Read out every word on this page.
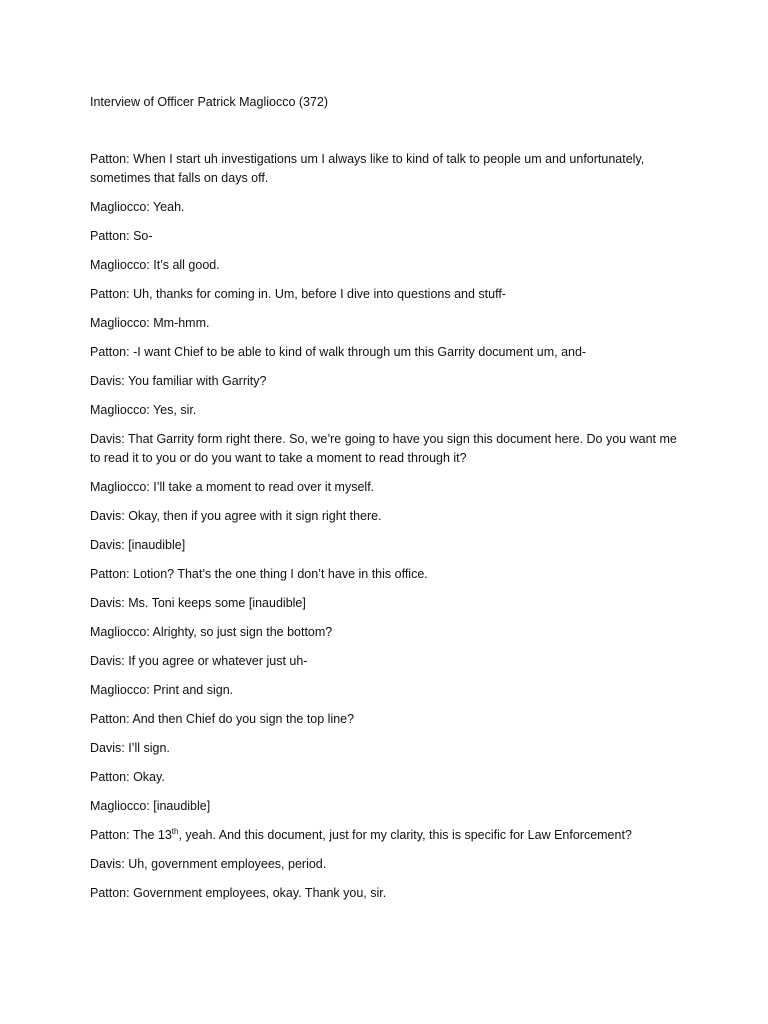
Interview of Officer Patrick Magliocco (372)

Patton: When I start uh investigations um I always like to kind of talk to people um and unfortunately, sometimes that falls on days off.

Magliocco: Yeah.

Patton: So-

Magliocco: It’s all good.

Patton: Uh, thanks for coming in. Um, before I dive into questions and stuff-

Magliocco: Mm-hmm.

Patton: -I want Chief to be able to kind of walk through um this Garrity document um, and-

Davis: You familiar with Garrity?

Magliocco: Yes, sir.

Davis: That Garrity form right there. So, we’re going to have you sign this document here. Do you want me to read it to you or do you want to take a moment to read through it?

Magliocco: I’ll take a moment to read over it myself.

Davis: Okay, then if you agree with it sign right there.

Davis: [inaudible]

Patton: Lotion? That’s the one thing I don’t have in this office.

Davis: Ms. Toni keeps some [inaudible]

Magliocco: Alrighty, so just sign the bottom?

Davis: If you agree or whatever just uh-

Magliocco: Print and sign.

Patton: And then Chief do you sign the top line?

Davis: I’ll sign.

Patton: Okay.

Magliocco: [inaudible]

Patton: The 13th, yeah. And this document, just for my clarity, this is specific for Law Enforcement?

Davis: Uh, government employees, period.

Patton: Government employees, okay. Thank you, sir.
